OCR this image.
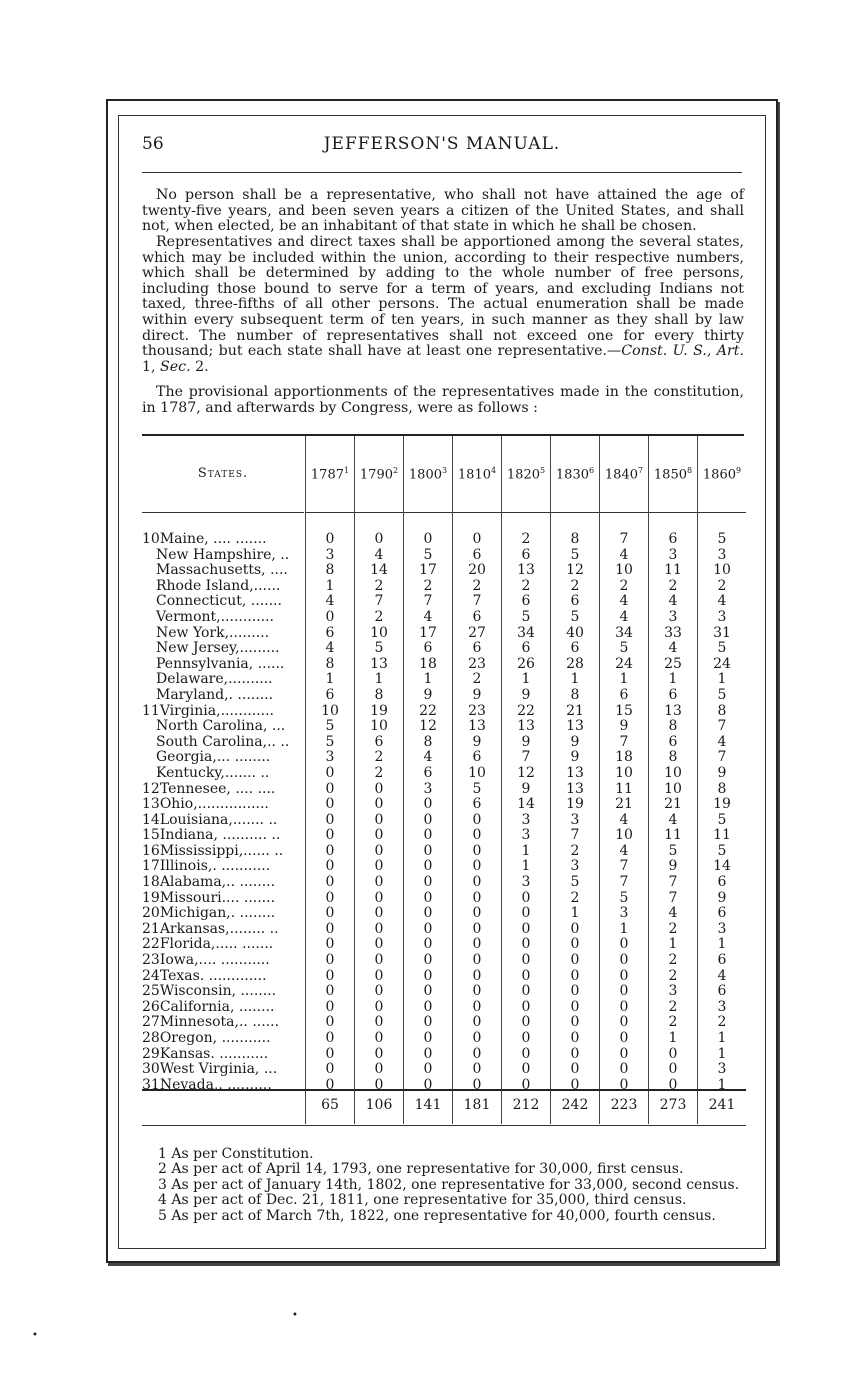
56	JEFFERSON'S MANUAL.

No person shall be a representative, who shall not have attained the age of twenty-five years, and been seven years a citizen of the United States, and shall not, when elected, be an inhabitant of that state in which he shall be chosen.

Representatives and direct taxes shall be apportioned among the several states, which may be included within the union, according to their respective numbers, which shall be determined by adding to the whole number of free persons, including those bound to serve for a term of years, and excluding Indians not taxed, three-fifths of all other persons. The actual enumeration shall be made within every subsequent term of ten years, in such manner as they shall by law direct. The number of representatives shall not exceed one for every thirty thousand; but each state shall have at least one representative.—Const. U. S., Art. 1, Sec. 2.

The provisional apportionments of the representatives made in the constitution, in 1787, and afterwards by Congress, were as follows :

States.	1787$^1$ 1790$^2$ 1800$^3$ 1810$^4$ 1820$^5$ 1830$^6$ 1840$^7$ 1850$^8$ 1860$^9$
10Maine, .... .......	0	0	0	0	2	8	7	6	5
New Hampshire, ..	3	4	5	6	6	5	4	3	3
Massachusetts, ....	8	14	17	20	13	12	10	11	10
Rhode Island,......	1	2	2	2	2	2	2	2	2
Connecticut, .......	4	7	7	7	6	6	4	4	4
Vermont,............	0	2	4	6	5	5	4	3	3
New York,.........	6	10	17	27	34	40	34	33	31
New Jersey,.........	4	5	6	6	6	6	5	4	5
Pennsylvania, ......	8	13	18	23	26	28	24	25	24
Delaware,..........	1	1	1	2	1	1	1	1	1
Maryland,. ........	6	8	9	9	9	8	6	6	5
11Virginia,............	10	19	22	23	22	21	15	13	8
North Carolina, ...	5	10	12	13	13	13	9	8	7
South Carolina,.. ..	5	6	8	9	9	9	7	6	4
Georgia,... ........	3	2	4	6	7	9	18	8	7
Kentucky,....... ..	0	2	6	10	12	13	10	10	9
12Tennesee, .... ....	0	0	3	5	9	13	11	10	8
13Ohio,................	0	0	0	6	14	19	21	21	19
14Louisiana,....... ..	0	0	0	0	3	3	4	4	5
15Indiana, .......... ..	0	0	0	0	3	7	10	11	11
16Mississippi,...... ..	0	0	0	0	1	2	4	5	5
17Illinois,. ...........	0	0	0	0	1	3	7	9	14
18Alabama,.. ........	0	0	0	0	3	5	7	7	6
19Missouri.... .......	0	0	0	0	0	2	5	7	9
20Michigan,. ........	0	0	0	0	0	1	3	4	6
21Arkansas,........ ..	0	0	0	0	0	0	1	2	3
22Florida,..... .......	0	0	0	0	0	0	0	1	1
23Iowa,.... ...........	0	0	0	0	0	0	0	2	6
24Texas. .............	0	0	0	0	0	0	0	2	4
25Wisconsin, ........	0	0	0	0	0	0	0	3	6
26California, ........	0	0	0	0	0	0	0	2	3
27Minnesota,.. ......	0	0	0	0	0	0	0	2	2
28Oregon, ...........	0	0	0	0	0	0	0	1	1
29Kansas. ...........	0	0	0	0	0	0	0	0	1
30West Virginia, ...	0	0	0	0	0	0	0	0	3
31Nevada,. ..........	0	0	0	0	0	0	0	0	1
65	106	141	181	212	242	223	273	241
1 As per Constitution.
2 As per act of April 14, 1793, one representative for 30,000, first census.
3 As per act of January 14th, 1802, one representative for 33,000, second census.
4 As per act of Dec. 21, 1811, one representative for 35,000, third census.
5 As per act of March 7th, 1822, one representative for 40,000, fourth census.
•
•
